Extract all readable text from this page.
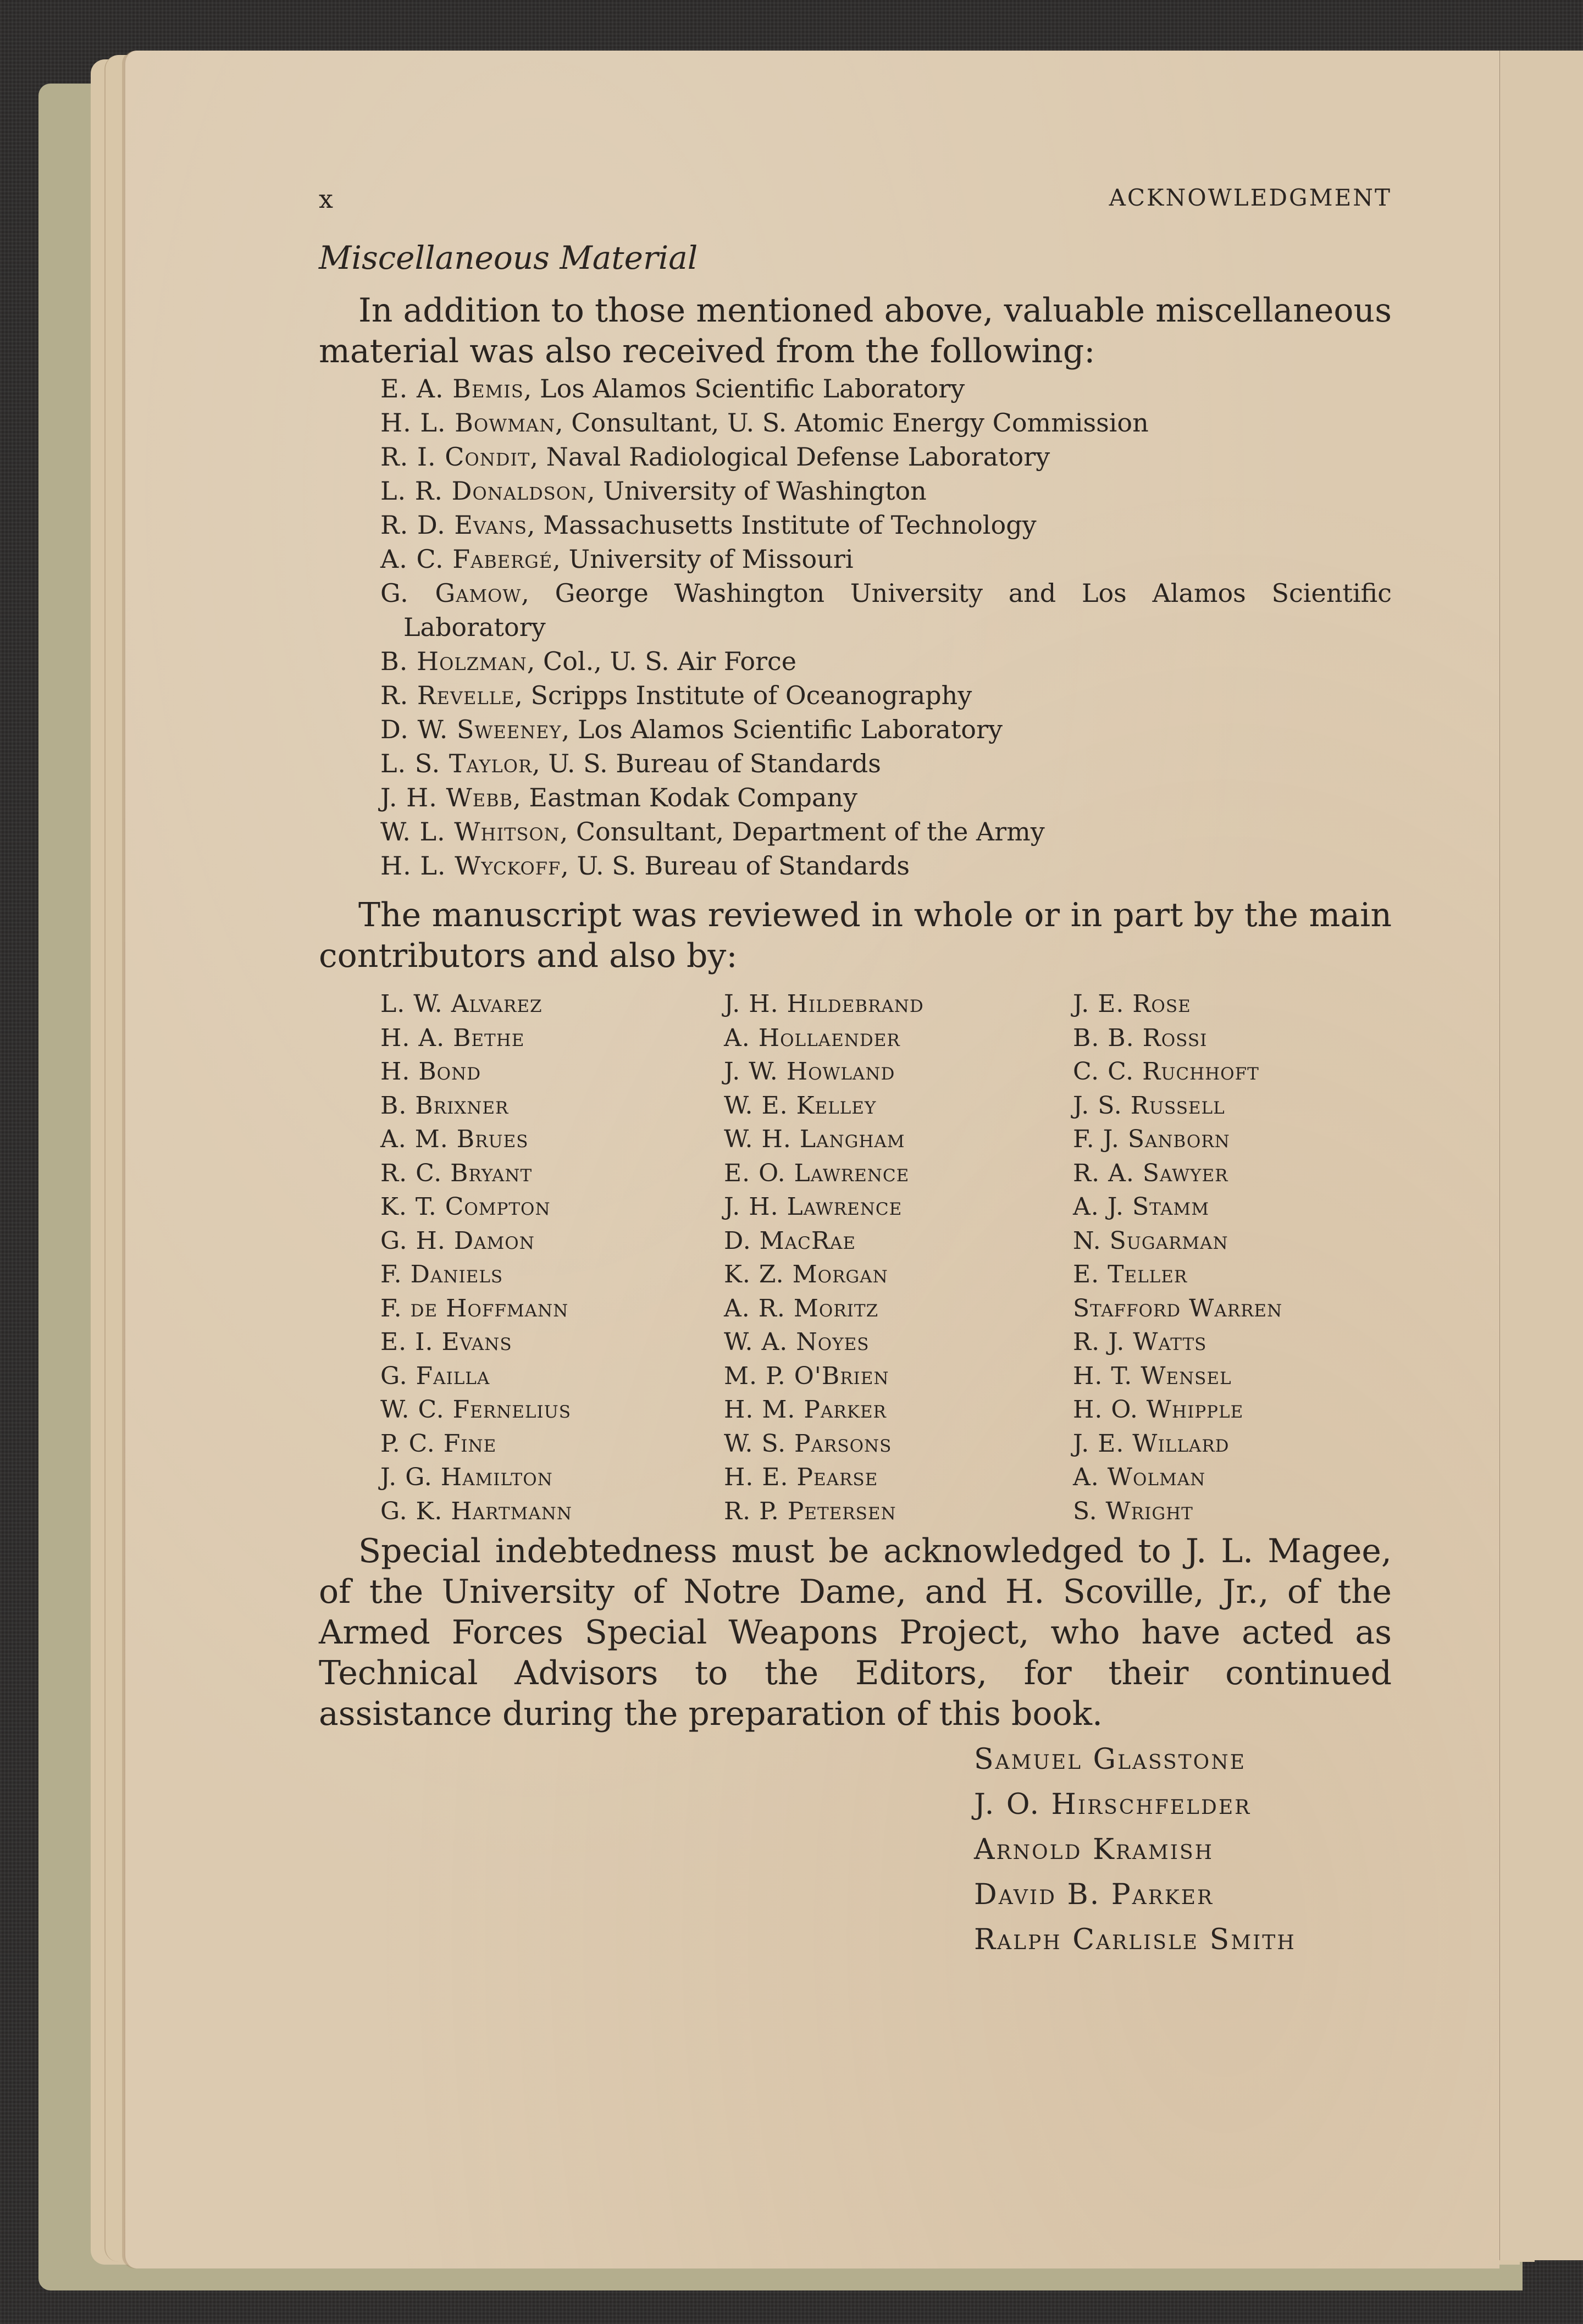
x	ACKNOWLEDGMENT
Miscellaneous Material

In addition to those mentioned above, valuable miscellaneous material was also received from the following:

E. A. Bemis, Los Alamos Scientific Laboratory
H. L. Bowman, Consultant, U. S. Atomic Energy Commission
R. I. Condit, Naval Radiological Defense Laboratory
L. R. Donaldson, University of Washington
R. D. Evans, Massachusetts Institute of Technology
A. C. Fabergé, University of Missouri
G. Gamow, George Washington University and Los Alamos Scientific Laboratory
B. Holzman, Col., U. S. Air Force
R. Revelle, Scripps Institute of Oceanography
D. W. Sweeney, Los Alamos Scientific Laboratory
L. S. Taylor, U. S. Bureau of Standards
J. H. Webb, Eastman Kodak Company
W. L. Whitson, Consultant, Department of the Army
H. L. Wyckoff, U. S. Bureau of Standards

The manuscript was reviewed in whole or in part by the main contributors and also by:

L. W. Alvarez
H. A. Bethe
H. Bond
B. Brixner
A. M. Brues
R. C. Bryant
K. T. Compton
G. H. Damon
F. Daniels
F. de Hoffmann
E. I. Evans
G. Failla
W. C. Fernelius
P. C. Fine
J. G. Hamilton
G. K. Hartmann
J. H. Hildebrand
A. Hollaender
J. W. Howland
W. E. Kelley
W. H. Langham
E. O. Lawrence
J. H. Lawrence
D. MacRae
K. Z. Morgan
A. R. Moritz
W. A. Noyes
M. P. O'Brien
H. M. Parker
W. S. Parsons
H. E. Pearse
R. P. Petersen
J. E. Rose
B. B. Rossi
C. C. Ruchhoft
J. S. Russell
F. J. Sanborn
R. A. Sawyer
A. J. Stamm
N. Sugarman
E. Teller
Stafford Warren
R. J. Watts
H. T. Wensel
H. O. Whipple
J. E. Willard
A. Wolman
S. Wright

Special indebtedness must be acknowledged to J. L. Magee, of the University of Notre Dame, and H. Scoville, Jr., of the Armed Forces Special Weapons Project, who have acted as Technical Advisors to the Editors, for their continued assistance during the preparation of this book.

Samuel Glasstone
J. O. Hirschfelder
Arnold Kramish
David B. Parker
Ralph Carlisle Smith
